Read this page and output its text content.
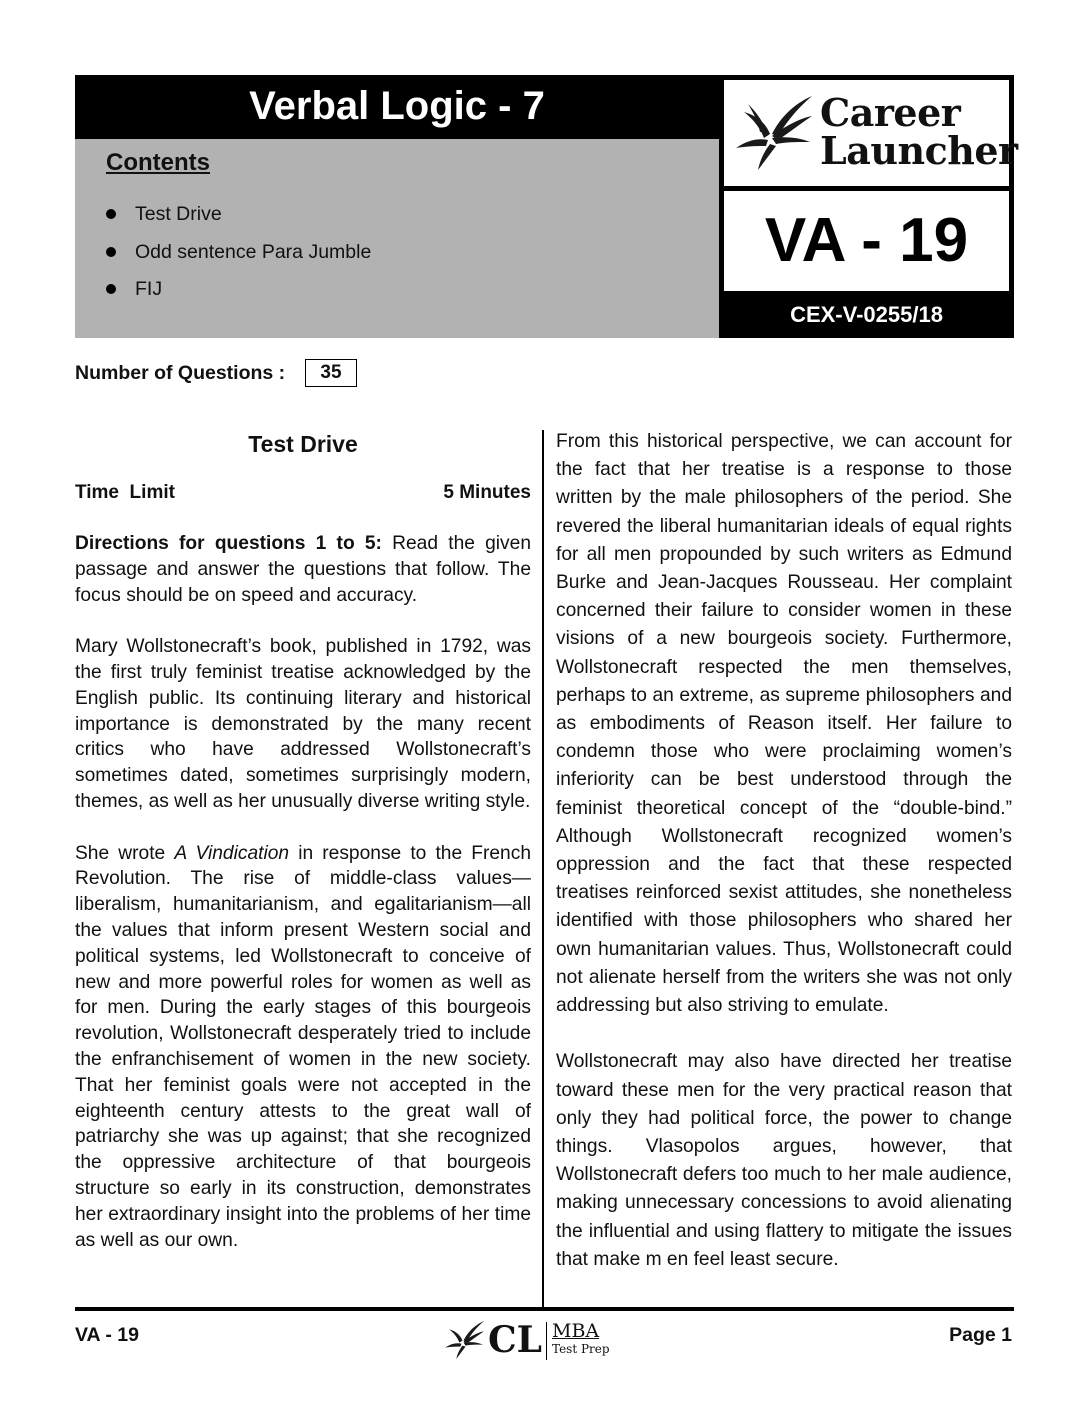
Verbal Logic - 7
Contents
Test Drive
Odd sentence Para Jumble
FIJ
Career
Launcher
VA - 19
CEX-V-0255/18
Number of Questions :	35
Test Drive
Time  Limit	5 Minutes

Directions for questions 1 to 5: Read the given passage and answer the questions that follow. The focus should be on speed and accuracy.

Mary Wollstonecraft’s book, published in 1792, was the first truly feminist treatise acknowledged by the English public. Its continuing literary and historical importance is demonstrated by the many recent critics who have addressed Wollstonecraft’s sometimes dated, sometimes surprisingly modern, themes, as well as her unusually diverse writing style.

She wrote A Vindication in response to the French Revolution. The rise of middle-class values—liberalism, humanitarianism, and egalitarianism—all the values that inform present Western social and political systems, led Wollstonecraft to conceive of new and more powerful roles for women as well as for men. During the early stages of this bourgeois revolution, Wollstonecraft desperately tried to include the enfranchisement of women in the new society. That her feminist goals were not accepted in the eighteenth century attests to the great wall of patriarchy she was up against; that she recognized the oppressive architecture of that bourgeois structure so early in its construction, demonstrates her extraordinary insight into the problems of her time as well as our own.

From this historical perspective, we can account for the fact that her treatise is a response to those written by the male philosophers of the period. She revered the liberal humanitarian ideals of equal rights for all men propounded by such writers as Edmund Burke and Jean-Jacques Rousseau. Her complaint concerned their failure to consider women in these visions of a new bourgeois society. Furthermore, Wollstonecraft respected the men themselves, perhaps to an extreme, as supreme philosophers and as embodiments of Reason itself. Her failure to condemn those who were proclaiming women’s inferiority can be best understood through the feminist theoretical concept of the “double-bind.” Although Wollstonecraft recognized women’s oppression and the fact that these respected treatises reinforced sexist attitudes, she nonetheless identified with those philosophers who shared her own humanitarian values. Thus, Wollstonecraft could not alienate herself from the writers she was not only addressing but also striving to emulate.

Wollstonecraft may also have directed her treatise toward these men for the very practical reason that only they had political force, the power to change things. Vlasopolos argues, however, that Wollstonecraft defers too much to her male audience, making unnecessary concessions to avoid alienating the influential and using flattery to mitigate the issues that make m en feel least secure.

VA - 19	CL MBA
Test Prep
Page 1
